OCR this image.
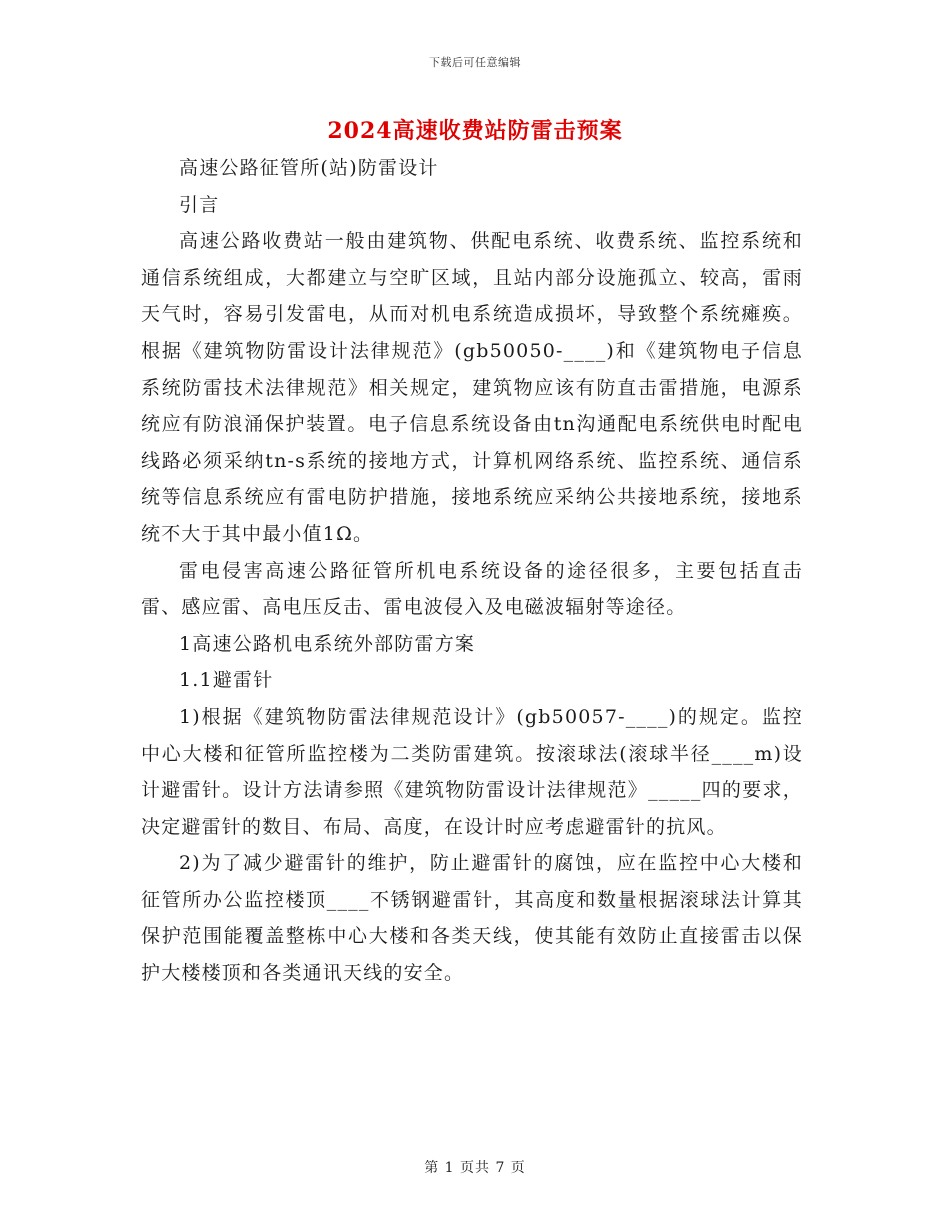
下载后可任意编辑
2024高速收费站防雷击预案

高速公路征管所(站)防雷设计

引言

高速公路收费站一般由建筑物、供配电系统、收费系统、监控系统和通信系统组成，大都建立与空旷区域，且站内部分设施孤立、较高，雷雨天气时，容易引发雷电，从而对机电系统造成损坏，导致整个系统瘫痪。根据《建筑物防雷设计法律规范》(gb50050-____)和《建筑物电子信息系统防雷技术法律规范》相关规定，建筑物应该有防直击雷措施，电源系统应有防浪涌保护装置。电子信息系统设备由tn沟通配电系统供电时配电线路必须采纳tn-s系统的接地方式，计算机网络系统、监控系统、通信系统等信息系统应有雷电防护措施，接地系统应采纳公共接地系统，接地系统不大于其中最小值1Ω。

雷电侵害高速公路征管所机电系统设备的途径很多，主要包括直击雷、感应雷、高电压反击、雷电波侵入及电磁波辐射等途径。

1高速公路机电系统外部防雷方案

1.1避雷针

1)根据《建筑物防雷法律规范设计》(gb50057-____)的规定。监控中心大楼和征管所监控楼为二类防雷建筑。按滚球法(滚球半径____m)设计避雷针。设计方法请参照《建筑物防雷设计法律规范》_____四的要求，决定避雷针的数目、布局、高度，在设计时应考虑避雷针的抗风。

2)为了减少避雷针的维护，防止避雷针的腐蚀，应在监控中心大楼和征管所办公监控楼顶____不锈钢避雷针，其高度和数量根据滚球法计算其保护范围能覆盖整栋中心大楼和各类天线，使其能有效防止直接雷击以保护大楼楼顶和各类通讯天线的安全。

第 1 页共 7 页
